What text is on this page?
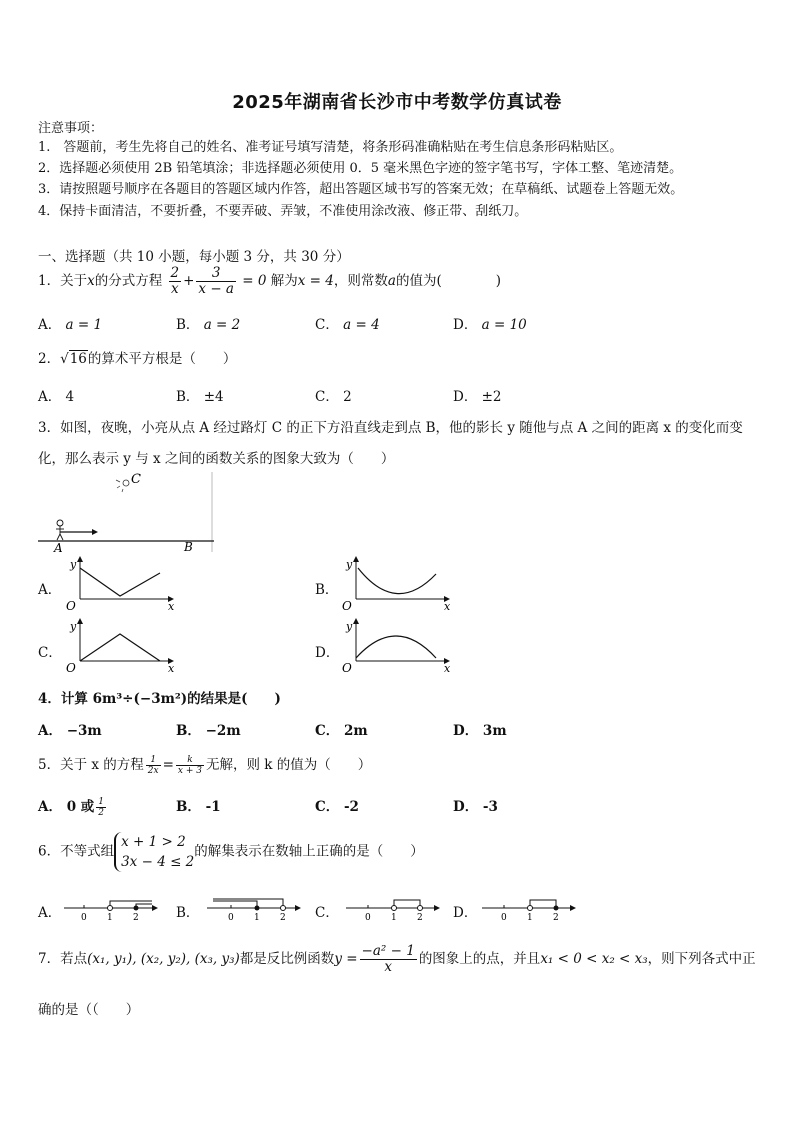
2025年湖南省长沙市中考数学仿真试卷
注意事项：
1.　答题前，考生先将自己的姓名、准考证号填写清楚，将条形码准确粘贴在考生信息条形码粘贴区。
2．选择题必须使用 2B 铅笔填涂；非选择题必须使用 0．5 毫米黑色字迹的签字笔书写，字体工整、笔迹清楚。
3．请按照题号顺序在各题目的答题区域内作答，超出答题区域书写的答案无效；在草稿纸、试题卷上答题无效。
4．保持卡面清洁，不要折叠，不要弄破、弄皱，不准使用涂改液、修正带、刮纸刀。
一、选择题（共 10 小题，每小题 3 分，共 30 分）
1．关于x的分式方程 $\frac{2}{x} + \frac{3}{x - a} = 0$ 解为x = 4，则常数a的值为(　　　　)
A． a = 1	B． a = 2	C． a = 4	D． a = 10
2．√16的算术平方根是（　　）
A． 4	B． ±4	C． 2	D． ±2
3．如图，夜晚，小亮从点 A 经过路灯 C 的正下方沿直线走到点 B，他的影长 y 随他与点 A 之间的距离 x 的变化而变
化，那么表示 y 与 x 之间的函数关系的图象大致为（　　）
C
A	B
A．
y
O	x
B．
y
O	x
C．
y
O	x
D．
y
O	x
4．计算 6m³÷(−3m²)的结果是(　　)
A． −3m	B． −2m	C． 2m	D． 3m
5．关于 x 的方程 $\frac{1}{2x} = \frac{k}{x + 3}$ 无解，则 k 的值为（　　）
A． 0 或 $\frac{1}{2}$	B． -1	C． -2	D． -3
6．不等式组
x + 1 > 2
3x − 4 ≤ 2
的解集表示在数轴上正确的是（　　）
A． 0 1 2	B．	0 1 2 C．	0 1 2 D．	0 1 2
7．若点(x₁, y₁), (x₂, y₂), (x₃, y₃)都是反比例函数$y = \frac{\text{−a² − 1}}{x}$ 的图象上的点，并且x₁ < 0 < x₂ < x₃，则下列各式中正
确的是（（　　）
